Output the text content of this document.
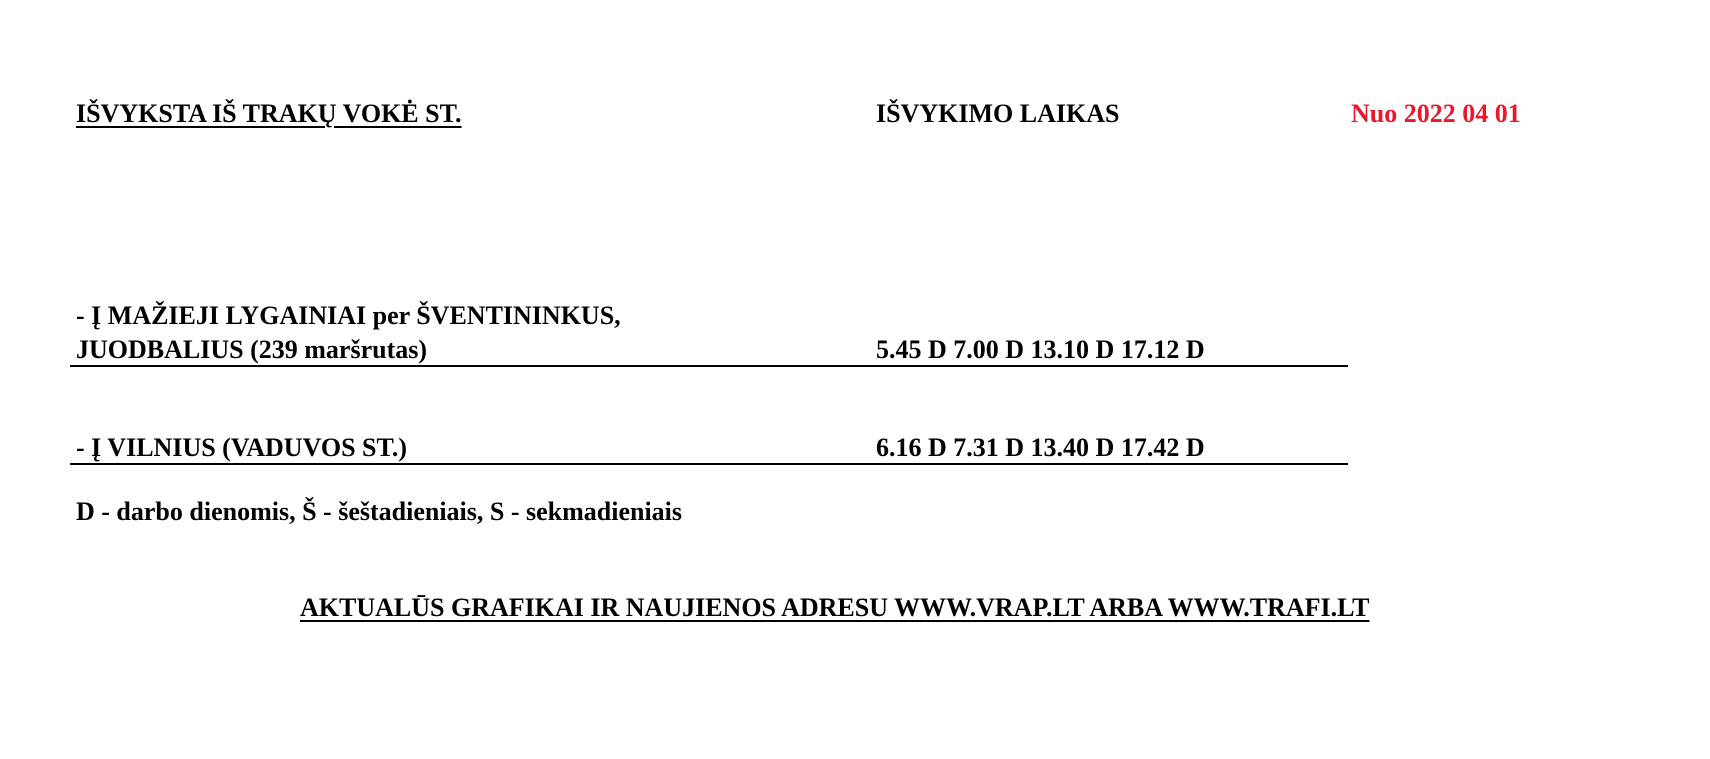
IŠVYKSTA IŠ TRAKŲ VOKĖ ST.	IŠVYKIMO LAIKAS	Nuo 2022 04 01
- Į MAŽIEJI LYGAINIAI per ŠVENTININKUS,
JUODBALIUS (239 maršrutas)	5.45 D 7.00 D 13.10 D 17.12 D
- Į VILNIUS (VADUVOS ST.)	6.16 D 7.31 D 13.40 D 17.42 D
D - darbo dienomis, Š - šeštadieniais, S - sekmadieniais
AKTUALŪS GRAFIKAI IR NAUJIENOS ADRESU WWW.VRAP.LT ARBA WWW.TRAFI.LT
